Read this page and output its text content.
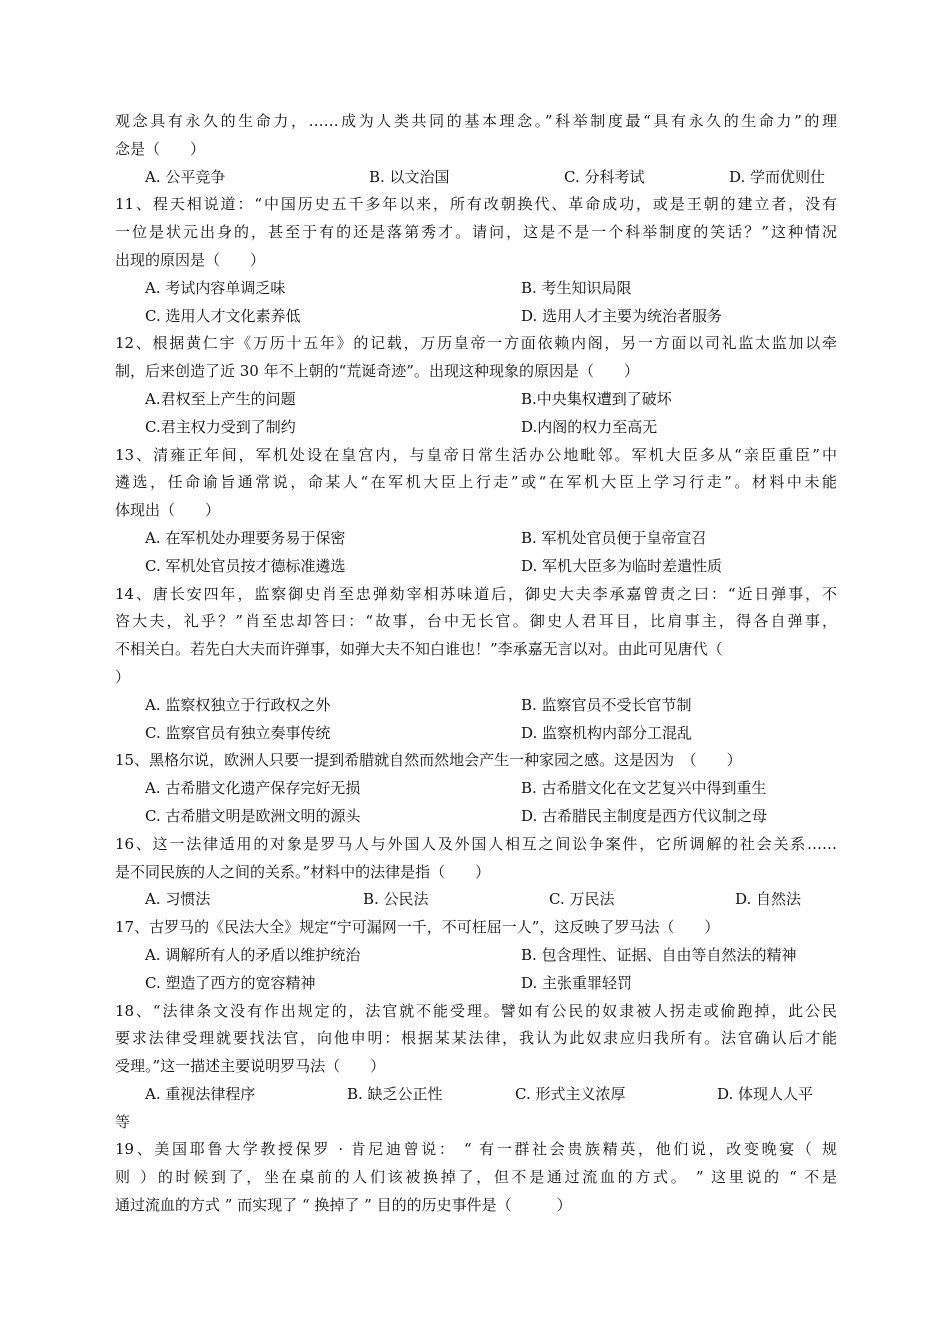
观念具有永久的生命力，……成为人类共同的基本理念。”科举制度最“具有永久的生命力”的理
念是（　　）
A. 公平竞争	B. 以文治国	C. 分科考试	D. 学而优则仕
11、程天相说道：“中国历史五千多年以来，所有改朝换代、革命成功，或是王朝的建立者，没有
一位是状元出身的，甚至于有的还是落第秀才。请问，这是不是一个科举制度的笑话？”这种情况
出现的原因是（　　）
A. 考试内容单调乏味	B. 考生知识局限
C. 选用人才文化素养低	D. 选用人才主要为统治者服务
12、根据黄仁宇《万历十五年》的记载，万历皇帝一方面依赖内阁，另一方面以司礼监太监加以牵
制，后来创造了近 30 年不上朝的“荒诞奇迹”。出现这种现象的原因是（　　）
A.君权至上产生的问题	B.中央集权遭到了破坏
C.君主权力受到了制约	D.内阁的权力至高无
13、清雍正年间，军机处设在皇宫内，与皇帝日常生活办公地毗邻。军机大臣多从“亲臣重臣”中
遴选，任命谕旨通常说，命某人“在军机大臣上行走”或“在军机大臣上学习行走”。材料中未能
体现出（　　）
A. 在军机处办理要务易于保密	B. 军机处官员便于皇帝宣召
C. 军机处官员按才德标准遴选	D. 军机大臣多为临时差遣性质
14、唐长安四年，监察御史肖至忠弹劾宰相苏味道后，御史大夫李承嘉曾责之曰：“近日弹事，不
咨大夫，礼乎？”肖至忠却答曰：“故事，台中无长官。御史人君耳目，比肩事主，得各自弹事，
不相关白。若先白大夫而许弹事，如弹大夫不知白谁也！”李承嘉无言以对。由此可见唐代（
）
A. 监察权独立于行政权之外	B. 监察官员不受长官节制
C. 监察官员有独立奏事传统	D. 监察机构内部分工混乱
15、黑格尔说，欧洲人只要一提到希腊就自然而然地会产生一种家园之感。这是因为　（　　）
A. 古希腊文化遗产保存完好无损	B. 古希腊文化在文艺复兴中得到重生
C. 古希腊文明是欧洲文明的源头	D. 古希腊民主制度是西方代议制之母
16、这一法律适用的对象是罗马人与外国人及外国人相互之间讼争案件，它所调解的社会关系……
是不同民族的人之间的关系。”材料中的法律是指（　　）
A. 习惯法	B. 公民法	C. 万民法	D. 自然法
17、古罗马的《民法大全》规定“宁可漏网一千，不可枉屈一人”，这反映了罗马法（　　）
A. 调解所有人的矛盾以维护统治	B. 包含理性、证据、自由等自然法的精神
C. 塑造了西方的宽容精神	D. 主张重罪轻罚
18、“法律条文没有作出规定的，法官就不能受理。譬如有公民的奴隶被人拐走或偷跑掉，此公民
要求法律受理就要找法官，向他申明：根据某某法律，我认为此奴隶应归我所有。法官确认后才能
受理。”这一描述主要说明罗马法（　　）
A. 重视法律程序	B. 缺乏公正性	C. 形式主义浓厚	D. 体现人人平
等
19、美国耶鲁大学教授保罗 · 肯尼迪曾说： “ 有一群社会贵族精英，他们说，改变晚宴（ 规
则 ）的时候到了，坐在桌前的人们该被换掉了，但不是通过流血的方式。 ” 这里说的 “ 不是
通过流血的方式 ” 而实现了 “ 换掉了 ” 目的的历史事件是（　　　）
